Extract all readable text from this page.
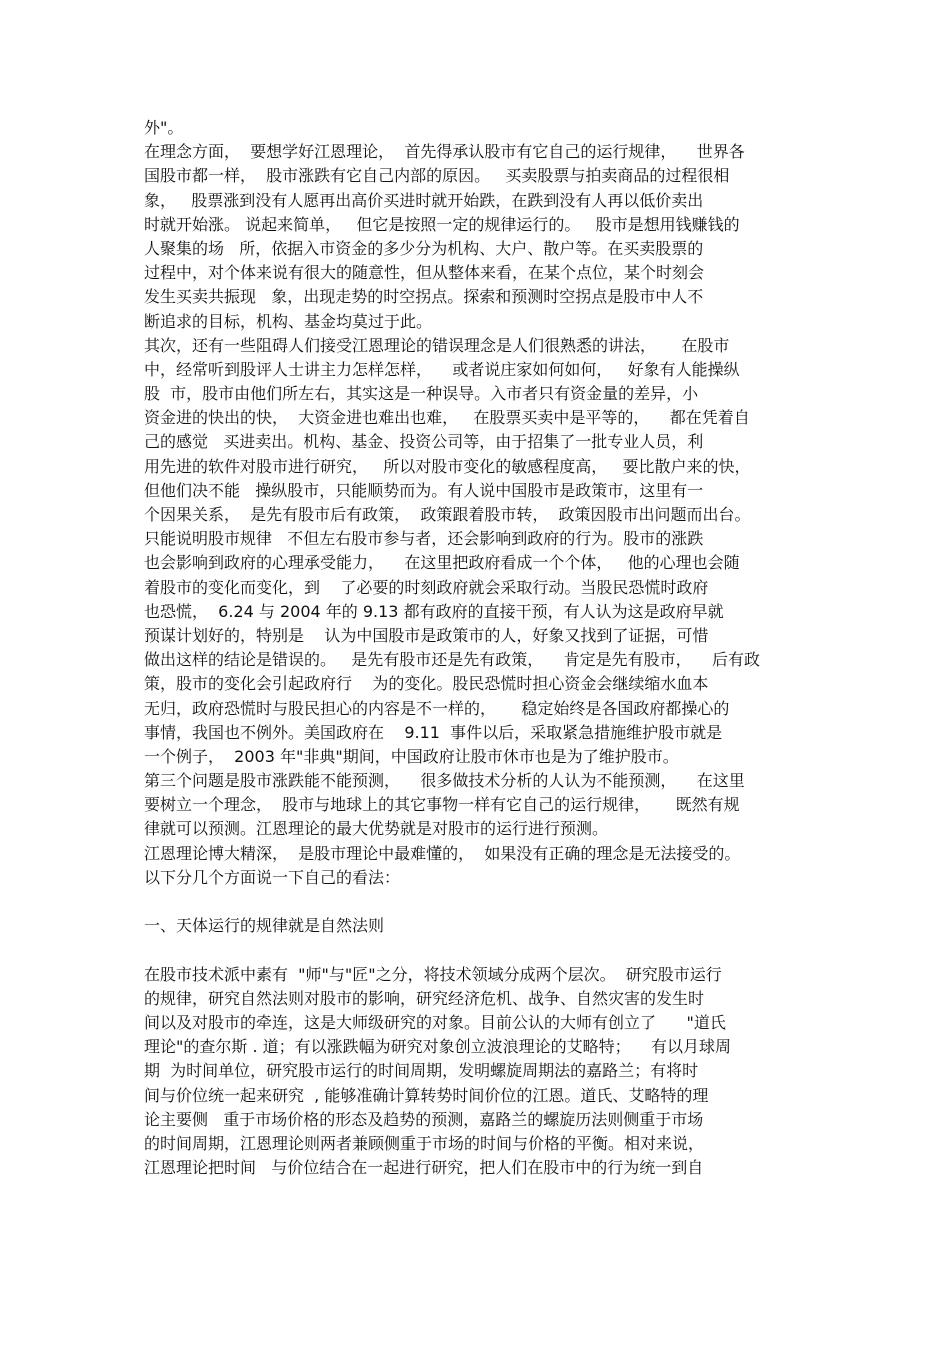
外"。
在理念方面，  要想学好江恩理论，  首先得承认股市有它自己的运行规律，    世界各
国股市都一样，  股市涨跌有它自己内部的原因。   买卖股票与拍卖商品的过程很相
象，   股票涨到没有人愿再出高价买进时就开始跌，在跌到没有人再以低价卖出
时就开始涨。 说起来简单，   但它是按照一定的规律运行的。   股市是想用钱赚钱的
人聚集的场   所，依据入市资金的多少分为机构、大户、散户等。在买卖股票的
过程中，对个体来说有很大的随意性，但从整体来看，在某个点位，某个时刻会
发生买卖共振现   象，出现走势的时空拐点。探索和预测时空拐点是股市中人不
断追求的目标，机构、基金均莫过于此。
其次，还有一些阻碍人们接受江恩理论的错误理念是人们很熟悉的讲法，     在股市
中，经常听到股评人士讲主力怎样怎样，    或者说庄家如何如何，   好象有人能操纵
股  市，股市由他们所左右，其实这是一种误导。入市者只有资金量的差异，小
资金进的快出的快，  大资金进也难出也难，   在股票买卖中是平等的，    都在凭着自
己的感觉   买进卖出。机构、基金、投资公司等，由于招集了一批专业人员，利
用先进的软件对股市进行研究，   所以对股市变化的敏感程度高，   要比散户来的快，
但他们决不能   操纵股市，只能顺势而为。有人说中国股市是政策市，这里有一
个因果关系，  是先有股市后有政策，  政策跟着股市转，  政策因股市出问题而出台。
只能说明股市规律   不但左右股市参与者，还会影响到政府的行为。股市的涨跌
也会影响到政府的心理承受能力，    在这里把政府看成一个个体，   他的心理也会随
着股市的变化而变化，到    了必要的时刻政府就会采取行动。当股民恐慌时政府
也恐慌，  6.24 与 2004 年的 9.13 都有政府的直接干预，有人认为这是政府早就
预谋计划好的，特别是    认为中国股市是政策市的人，好象又找到了证据，可惜
做出这样的结论是错误的。   是先有股市还是先有政策，    肯定是先有股市，    后有政
策，股市的变化会引起政府行    为的变化。股民恐慌时担心资金会继续缩水血本
无归，政府恐慌时与股民担心的内容是不一样的，     稳定始终是各国政府都操心的
事情，我国也不例外。美国政府在    9.11  事件以后，采取紧急措施维护股市就是
一个例子，  2003 年"非典"期间，中国政府让股市休市也是为了维护股市。
第三个问题是股市涨跌能不能预测，    很多做技术分析的人认为不能预测，    在这里
要树立一个理念，  股市与地球上的其它事物一样有它自己的运行规律，     既然有规
律就可以预测。江恩理论的最大优势就是对股市的运行进行预测。
江恩理论博大精深，  是股市理论中最难懂的，  如果没有正确的理念是无法接受的。
以下分几个方面说一下自己的看法：
一、天体运行的规律就是自然法则
在股市技术派中素有  "师"与"匠"之分，将技术领域分成两个层次。  研究股市运行
的规律，研究自然法则对股市的影响，研究经济危机、战争、自然灾害的发生时
间以及对股市的牵连，这是大师级研究的对象。目前公认的大师有创立了      "道氏
理论"的查尔斯 . 道；有以涨跌幅为研究对象创立波浪理论的艾略特；    有以月球周
期  为时间单位，研究股市运行的时间周期，发明螺旋周期法的嘉路兰；有将时
间与价位统一起来研究  , 能够准确计算转势时间价位的江恩。道氏、艾略特的理
论主要侧   重于市场价格的形态及趋势的预测，嘉路兰的螺旋历法则侧重于市场
的时间周期，江恩理论则两者兼顾侧重于市场的时间与价格的平衡。相对来说，
江恩理论把时间   与价位结合在一起进行研究，把人们在股市中的行为统一到自
